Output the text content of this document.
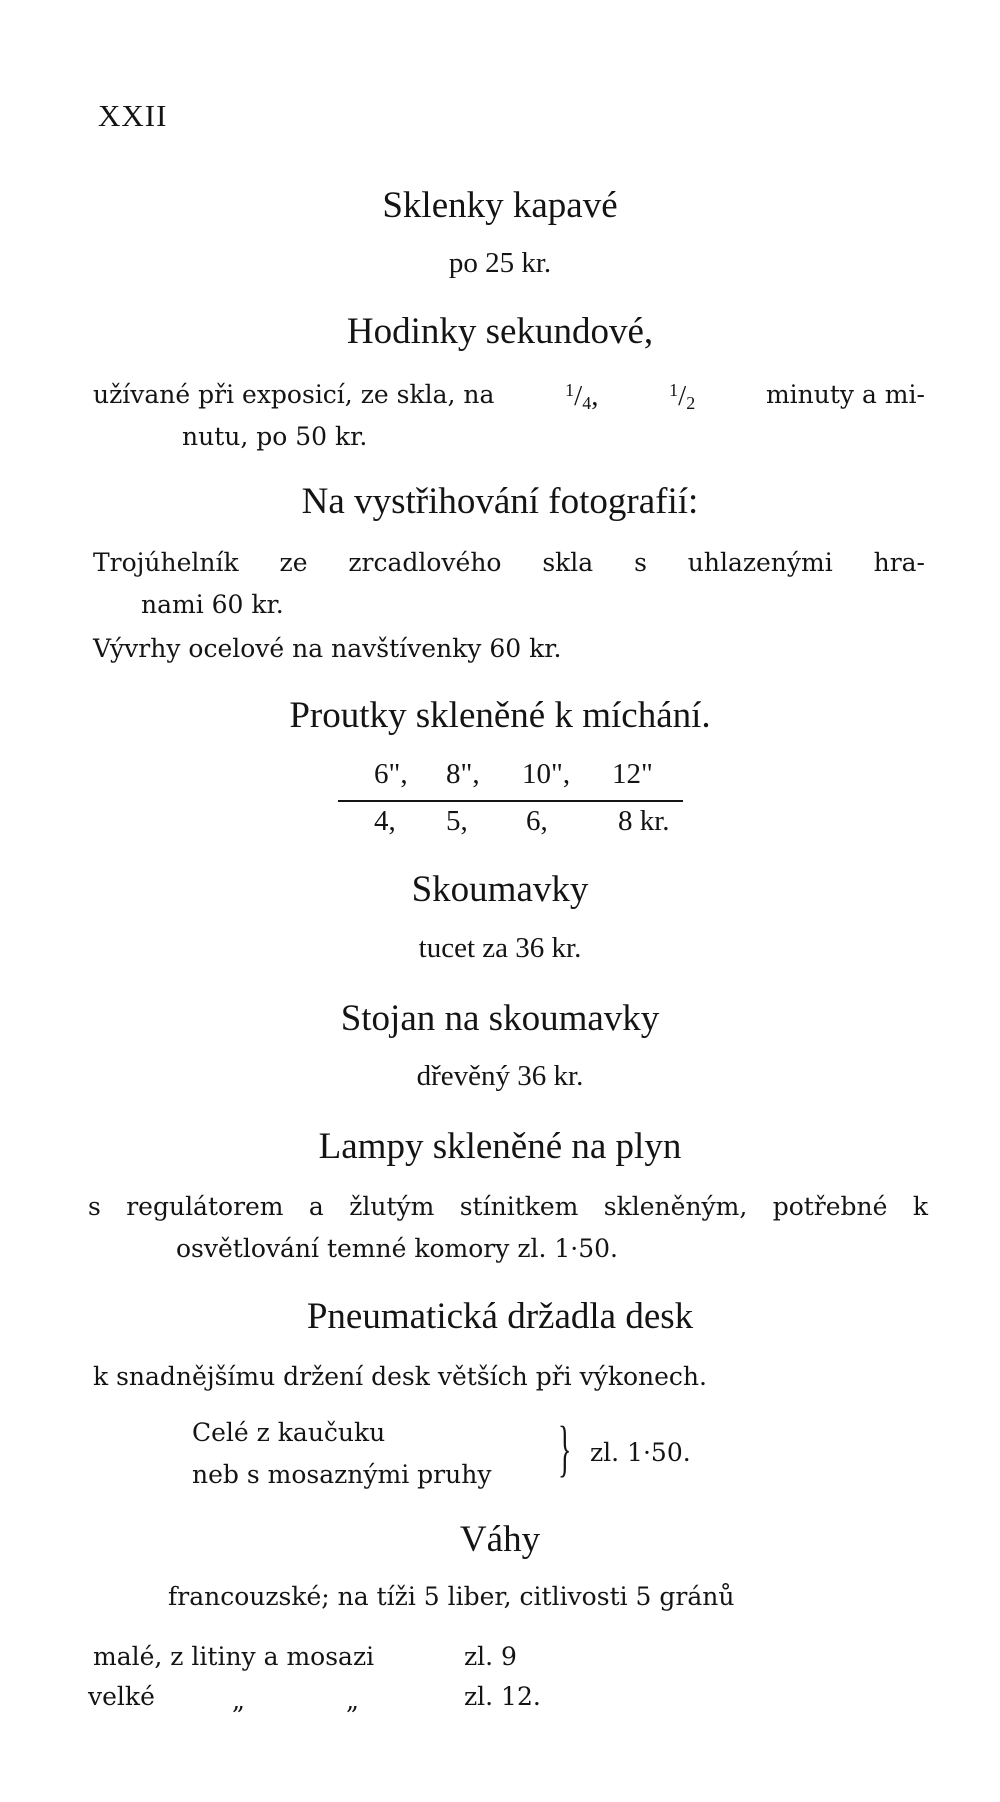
XXII
Sklenky kapavé
po 25 kr.
Hodinky sekundové,
užívané při exposicí, ze skla, na	$^1$/4,	$^1$/2	minuty a mi-
nutu, po 50 kr.
Na vystřihování fotografií:
Trojúhelník ze zrcadlového skla s uhlazenými hra-
nami 60 kr.
Vývrhy ocelové na navštívenky 60 kr.
Proutky skleněné k míchání.
6", 8", 10", 12"
4, 5, 6, 8 kr.
Skoumavky
tucet za 36 kr.
Stojan na skoumavky
dřevěný 36 kr.
Lampy skleněné na plyn
s regulátorem a žlutým stínitkem skleněným, potřebné k
osvětlování temné komory zl. 1·50.
Pneumatická držadla desk
k snadnějšímu držení desk větších při výkonech.
Celé z kaučuku
neb s mosaznými pruhy } zl. 1·50.
Váhy
francouzské; na tíži 5 liber, citlivosti 5 gránů
malé, z litiny a mosazi	zl. 9
velké	„	„	zl. 12.
